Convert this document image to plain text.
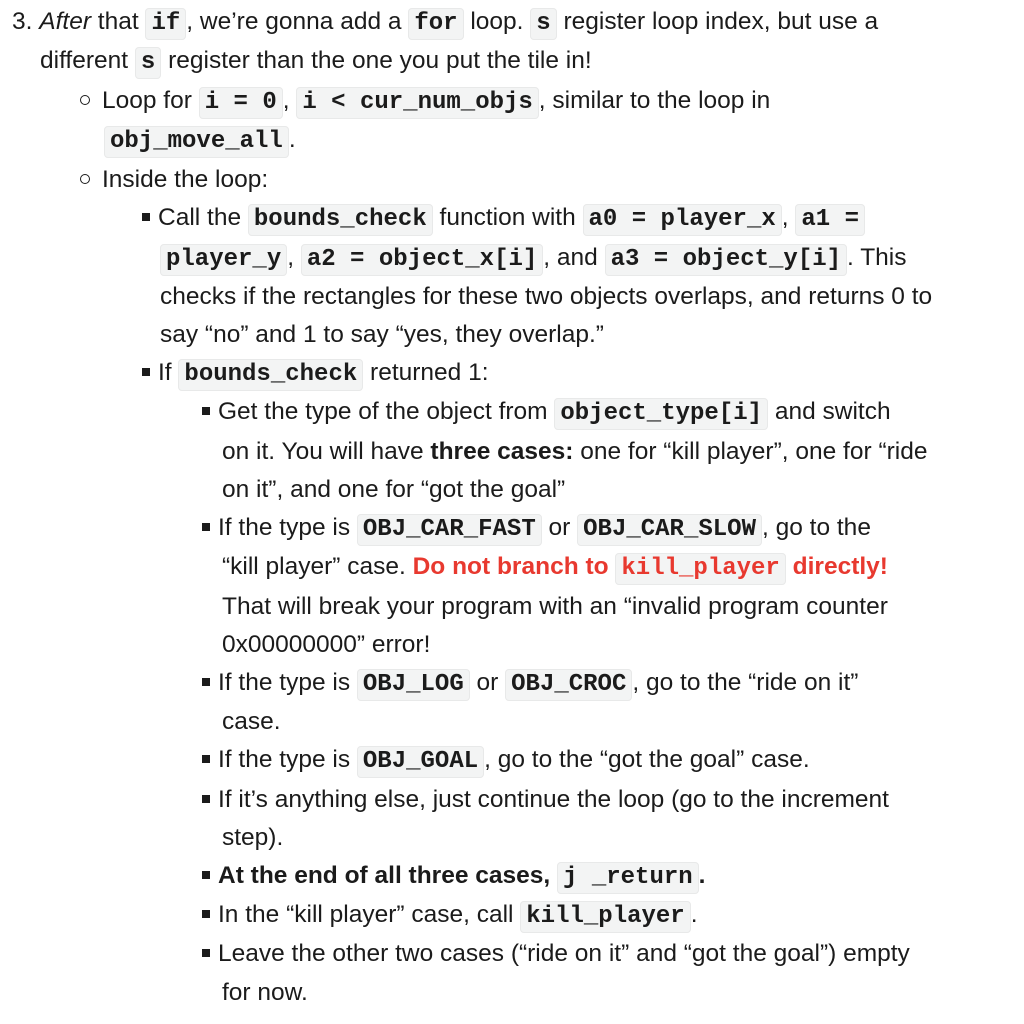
3. After that if , we’re gonna add a for loop. s register loop index, but use a
different s register than the one you put the tile in!
Loop for i = 0 , i < cur_num_objs , similar to the loop in
obj_move_all .
Inside the loop:
Call the bounds_check function with a0 = player_x , a1 =
player_y , a2 = object_x[i] , and a3 = object_y[i] . This
checks if the rectangles for these two objects overlaps, and returns 0 to
say “no” and 1 to say “yes, they overlap.”
If bounds_check returned 1:
Get the type of the object from object_type[i] and switch
on it. You will have three cases: one for “kill player”, one for “ride
on it”, and one for “got the goal”
If the type is OBJ_CAR_FAST or OBJ_CAR_SLOW , go to the
“kill player” case. Do not branch to kill_player directly!
That will break your program with an “invalid program counter
0x00000000” error!
If the type is OBJ_LOG or OBJ_CROC , go to the “ride on it”
case.
If the type is OBJ_GOAL , go to the “got the goal” case.
If it’s anything else, just continue the loop (go to the increment
step).
At the end of all three cases, j _return .
In the “kill player” case, call kill_player .
Leave the other two cases (“ride on it” and “got the goal”) empty
for now.
